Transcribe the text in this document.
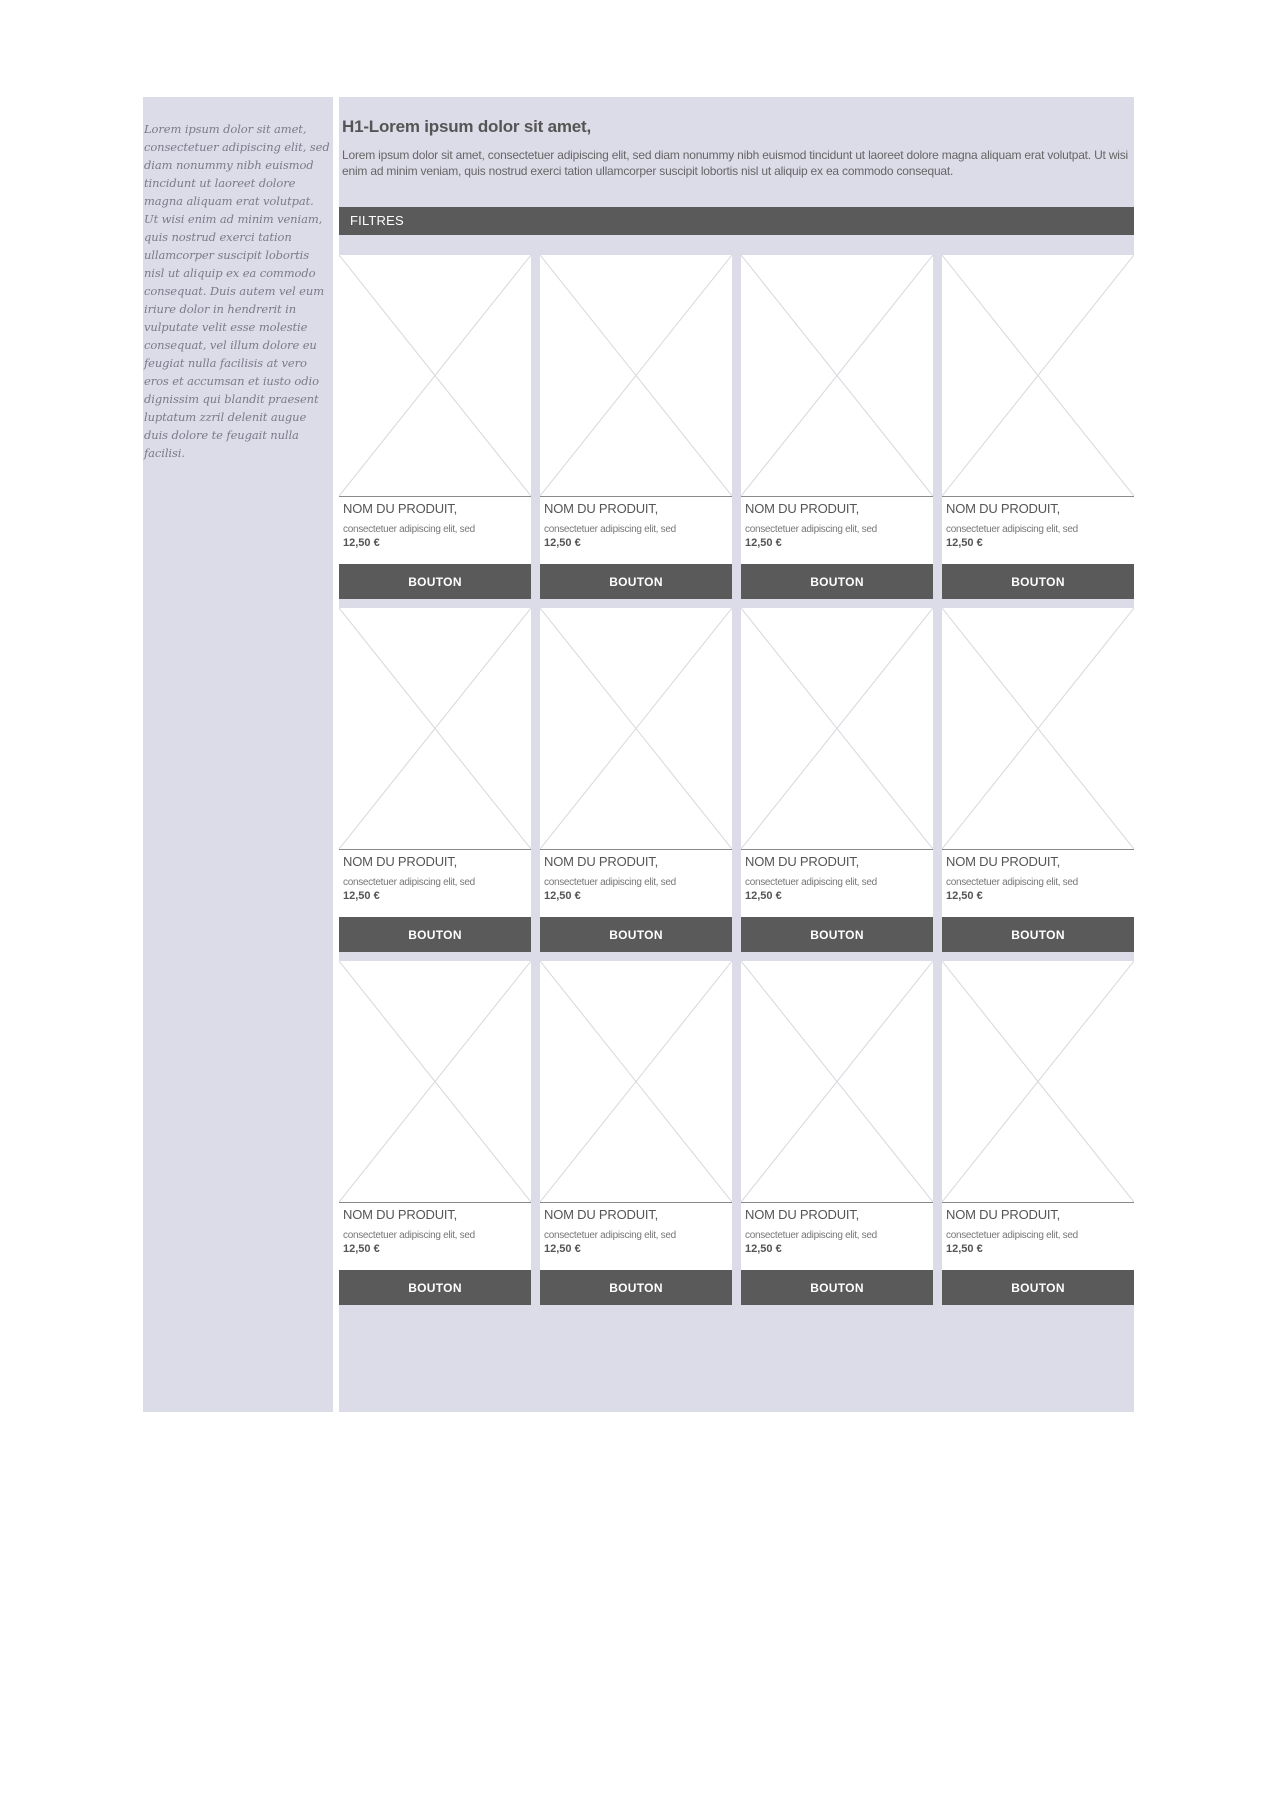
Lorem ipsum dolor sit amet, consectetuer adipiscing elit, sed diam nonummy nibh euismod tincidunt ut laoreet dolore magna aliquam erat volutpat. Ut wisi enim ad minim veniam, quis nostrud exerci tation ullamcorper suscipit lobortis nisl ut aliquip ex ea commodo consequat. Duis autem vel eum iriure dolor in hendrerit in vulputate velit esse molestie consequat, vel illum dolore eu feugiat nulla facilisis at vero eros et accumsan et iusto odio dignissim qui blandit praesent luptatum zzril delenit augue duis dolore te feugait nulla facilisi.

H1-Lorem ipsum dolor sit amet,

Lorem ipsum dolor sit amet, consectetuer adipiscing elit, sed diam nonummy nibh euismod tincidunt ut laoreet dolore magna aliquam erat volutpat. Ut wisi enim ad minim veniam, quis nostrud exerci tation ullamcorper suscipit lobortis nisl ut aliquip ex ea commodo consequat.

FILTRES
NOM DU PRODUIT,
consectetuer adipiscing elit, sed
12,50 €
BOUTON
NOM DU PRODUIT,
consectetuer adipiscing elit, sed
12,50 €
BOUTON
NOM DU PRODUIT,
consectetuer adipiscing elit, sed
12,50 €
BOUTON
NOM DU PRODUIT,
consectetuer adipiscing elit, sed
12,50 €
BOUTON
NOM DU PRODUIT,
consectetuer adipiscing elit, sed
12,50 €
BOUTON
NOM DU PRODUIT,
consectetuer adipiscing elit, sed
12,50 €
BOUTON
NOM DU PRODUIT,
consectetuer adipiscing elit, sed
12,50 €
BOUTON
NOM DU PRODUIT,
consectetuer adipiscing elit, sed
12,50 €
BOUTON
NOM DU PRODUIT,
consectetuer adipiscing elit, sed
12,50 €
BOUTON
NOM DU PRODUIT,
consectetuer adipiscing elit, sed
12,50 €
BOUTON
NOM DU PRODUIT,
consectetuer adipiscing elit, sed
12,50 €
BOUTON
NOM DU PRODUIT,
consectetuer adipiscing elit, sed
12,50 €
BOUTON
